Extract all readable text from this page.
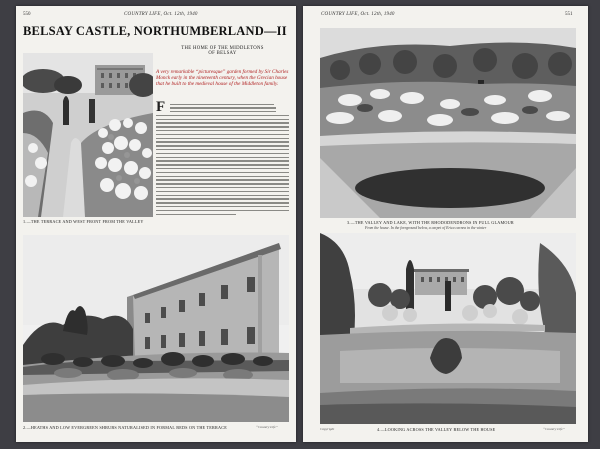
550	COUNTRY LIFE, Oct. 12th, 1940
BELSAY CASTLE, NORTHUMBERLAND—II
THE HOME OF THE MIDDLETONS
OF BELSAY
A very remarkable “picturesque” garden formed by Sir Charles Monck early in the nineteenth century, when the Grecian house that he built to the medieval house of the Middleton family.
F
1.—THE TERRACE AND WEST FRONT FROM THE VALLEY
2.—HEATHS AND LOW EVERGREEN SHRUBS NATURALISED IN FORMAL BEDS ON THE TERRACE	“Country Life”
COUNTRY LIFE, Oct. 12th, 1940	551
3.—THE VALLEY AND LAKE, WITH THE RHODODENDRONS IN FULL GLAMOUR
From the house. In the foreground below, a carpet of Erica carnea in the winter
Copyright	4.—LOOKING ACROSS THE VALLEY BELOW THE HOUSE	“Country Life”
